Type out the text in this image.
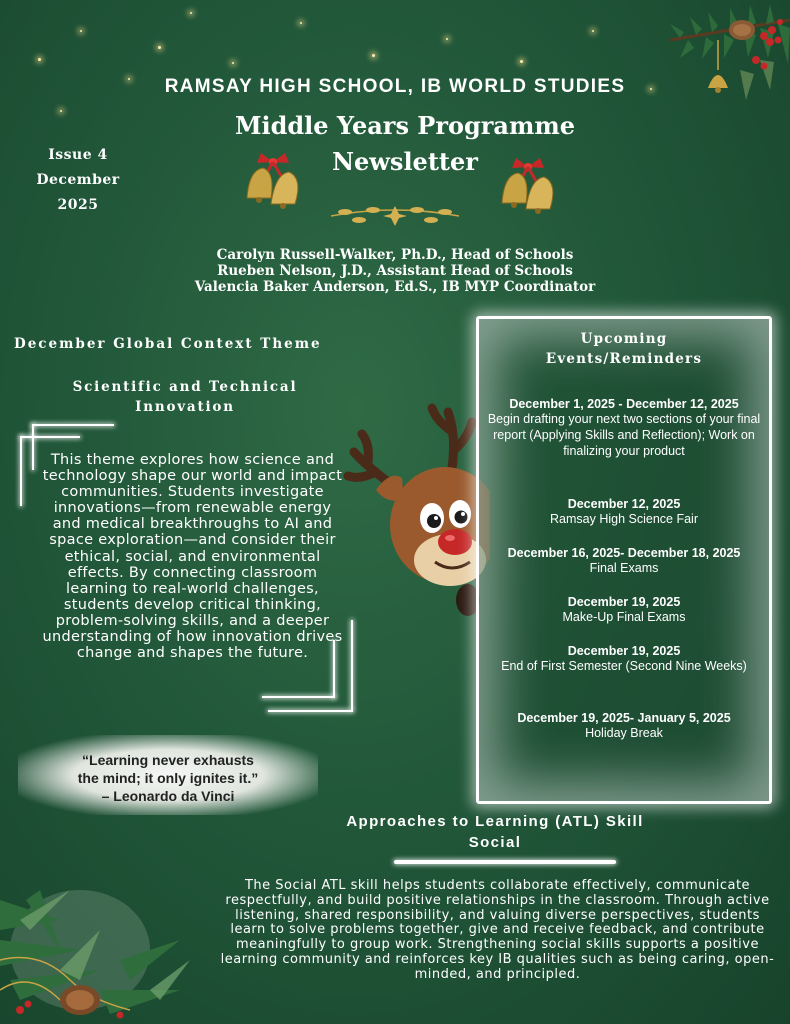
RAMSAY HIGH SCHOOL, IB WORLD STUDIES
Middle Years Programme
Newsletter
Issue 4
December
2025
Carolyn Russell-Walker, Ph.D., Head of Schools
Rueben Nelson, J.D., Assistant Head of Schools
Valencia Baker Anderson, Ed.S., IB MYP Coordinator
December Global Context Theme
Scientific and Technical
Innovation
This theme explores how science and technology shape our world and impact communities. Students investigate innovations—from renewable energy and medical breakthroughs to AI and space exploration—and consider their ethical, social, and environmental effects. By connecting classroom learning to real-world challenges, students develop critical thinking, problem-solving skills, and a deeper understanding of how innovation drives change and shapes the future.
Upcoming
Events/Reminders
December 1, 2025 - December 12, 2025
Begin drafting your next two sections of your final report (Applying Skills and Reflection); Work on finalizing your product
December 12, 2025
Ramsay High Science Fair
December 16, 2025- December 18, 2025
Final Exams
December 19, 2025
Make-Up Final Exams
December 19, 2025
End of First Semester (Second Nine Weeks)
December 19, 2025- January 5, 2025
Holiday Break
“Learning never exhausts
the mind; it only ignites it.”
– Leonardo da Vinci
Approaches to Learning (ATL) Skill
Social
The Social ATL skill helps students collaborate effectively, communicate respectfully, and build positive relationships in the classroom. Through active listening, shared responsibility, and valuing diverse perspectives, students learn to solve problems together, give and receive feedback, and contribute meaningfully to group work. Strengthening social skills supports a positive learning community and reinforces key IB qualities such as being caring, open-minded, and principled.
